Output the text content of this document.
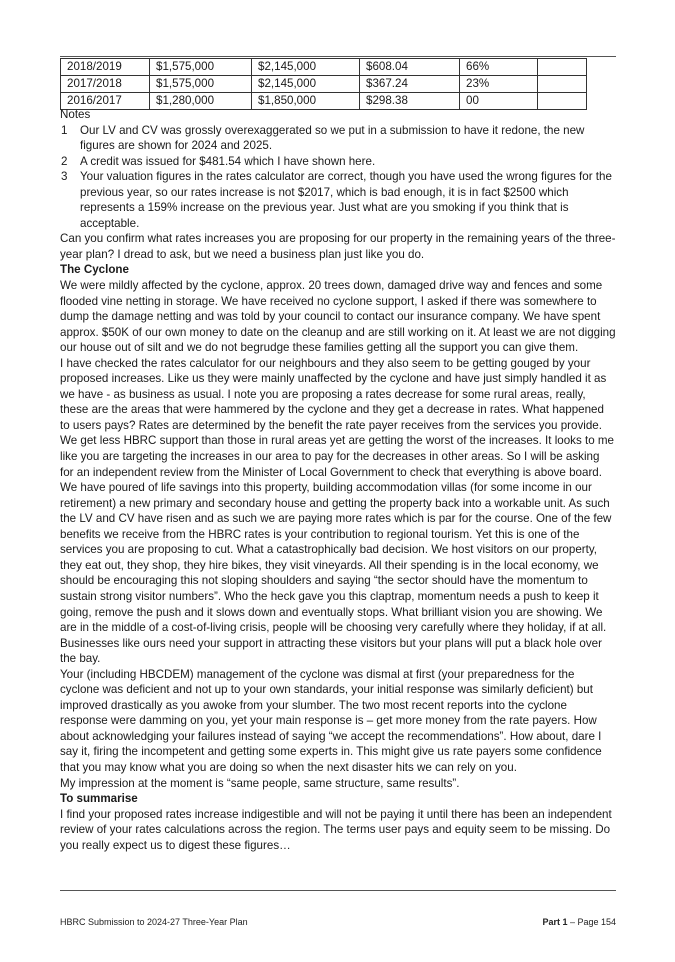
2018/2019	$1,575,000	$2,145,000	$608.04	66%	
2017/2018	$1,575,000	$2,145,000	$367.24	23%	
2016/2017	$1,280,000	$1,850,000	$298.38	00	

Notes

1 Our LV and CV was grossly overexaggerated so we put in a submission to have it redone, the new figures are shown for 2024 and 2025.
2 A credit was issued for $481.54 which I have shown here.
3 Your valuation figures in the rates calculator are correct, though you have used the wrong figures for the previous year, so our rates increase is not $2017, which is bad enough, it is in fact $2500 which represents a 159% increase on the previous year. Just what are you smoking if you think that is acceptable.

Can you confirm what rates increases you are proposing for our property in the remaining years of the three-year plan? I dread to ask, but we need a business plan just like you do.

The Cyclone

We were mildly affected by the cyclone, approx. 20 trees down, damaged drive way and fences and some flooded vine netting in storage. We have received no cyclone support, I asked if there was somewhere to dump the damage netting and was told by your council to contact our insurance company. We have spent approx. $50K of our own money to date on the cleanup and are still working on it. At least we are not digging our house out of silt and we do not begrudge these families getting all the support you can give them.

I have checked the rates calculator for our neighbours and they also seem to be getting gouged by your proposed increases. Like us they were mainly unaffected by the cyclone and have just simply handled it as we have - as business as usual. I note you are proposing a rates decrease for some rural areas, really, these are the areas that were hammered by the cyclone and they get a decrease in rates. What happened to users pays? Rates are determined by the benefit the rate payer receives from the services you provide. We get less HBRC support than those in rural areas yet are getting the worst of the increases. It looks to me like you are targeting the increases in our area to pay for the decreases in other areas. So I will be asking for an independent review from the Minister of Local Government to check that everything is above board.

We have poured of life savings into this property, building accommodation villas (for some income in our retirement) a new primary and secondary house and getting the property back into a workable unit. As such the LV and CV have risen and as such we are paying more rates which is par for the course. One of the few benefits we receive from the HBRC rates is your contribution to regional tourism. Yet this is one of the services you are proposing to cut. What a catastrophically bad decision. We host visitors on our property, they eat out, they shop, they hire bikes, they visit vineyards. All their spending is in the local economy, we should be encouraging this not sloping shoulders and saying “the sector should have the momentum to sustain strong visitor numbers”. Who the heck gave you this claptrap, momentum needs a push to keep it going, remove the push and it slows down and eventually stops. What brilliant vision you are showing. We are in the middle of a cost-of-living crisis, people will be choosing very carefully where they holiday, if at all. Businesses like ours need your support in attracting these visitors but your plans will put a black hole over the bay.

Your (including HBCDEM) management of the cyclone was dismal at first (your preparedness for the cyclone was deficient and not up to your own standards, your initial response was similarly deficient) but improved drastically as you awoke from your slumber. The two most recent reports into the cyclone response were damming on you, yet your main response is – get more money from the rate payers. How about acknowledging your failures instead of saying “we accept the recommendations”. How about, dare I say it, firing the incompetent and getting some experts in. This might give us rate payers some confidence that you may know what you are doing so when the next disaster hits we can rely on you.

My impression at the moment is “same people, same structure, same results”.

To summarise

I find your proposed rates increase indigestible and will not be paying it until there has been an independent review of your rates calculations across the region. The terms user pays and equity seem to be missing. Do you really expect us to digest these figures…

HBRC Submission to 2024-27 Three-Year Plan	Part 1 – Page 154
